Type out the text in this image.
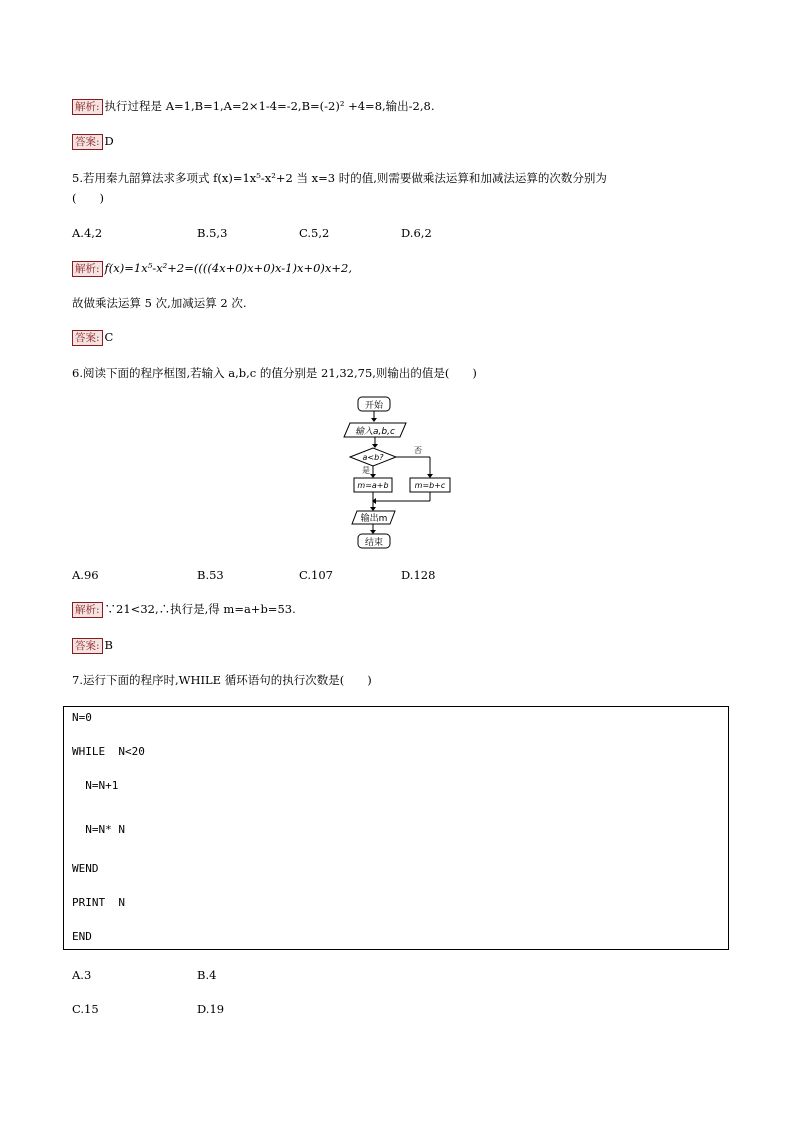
解析: 执行过程是 A=1,B=1,A=2×1-4=-2,B=(-2)² +4=8,输出-2,8.
答案: D
5.若用秦九韶算法求多项式 f(x)=1x⁵-x²+2 当 x=3 时的值,则需要做乘法运算和加减法运算的次数分别为
(　　)
A.4,2	B.5,3	C.5,2	D.6,2
解析: f(x)=1x⁵-x²+2=((((4x+0)x+0)x-1)x+0)x+2,
故做乘法运算 5 次,加减运算 2 次.
答案: C
6.阅读下面的程序框图,若输入 a,b,c 的值分别是 21,32,75,则输出的值是(　　)
开始
输入a,b,c
a<b?
否
是
m=a+b	m=b+c
输出m
结束
A.96	B.53	C.107	D.128
解析: ∵21<32,∴执行是,得 m=a+b=53.
答案: B
7.运行下面的程序时,WHILE 循环语句的执行次数是(　　)
N=0
WHILE  N<20
N=N+1
N=N* N
WEND
PRINT  N
END
A.3	B.4
C.15	D.19
